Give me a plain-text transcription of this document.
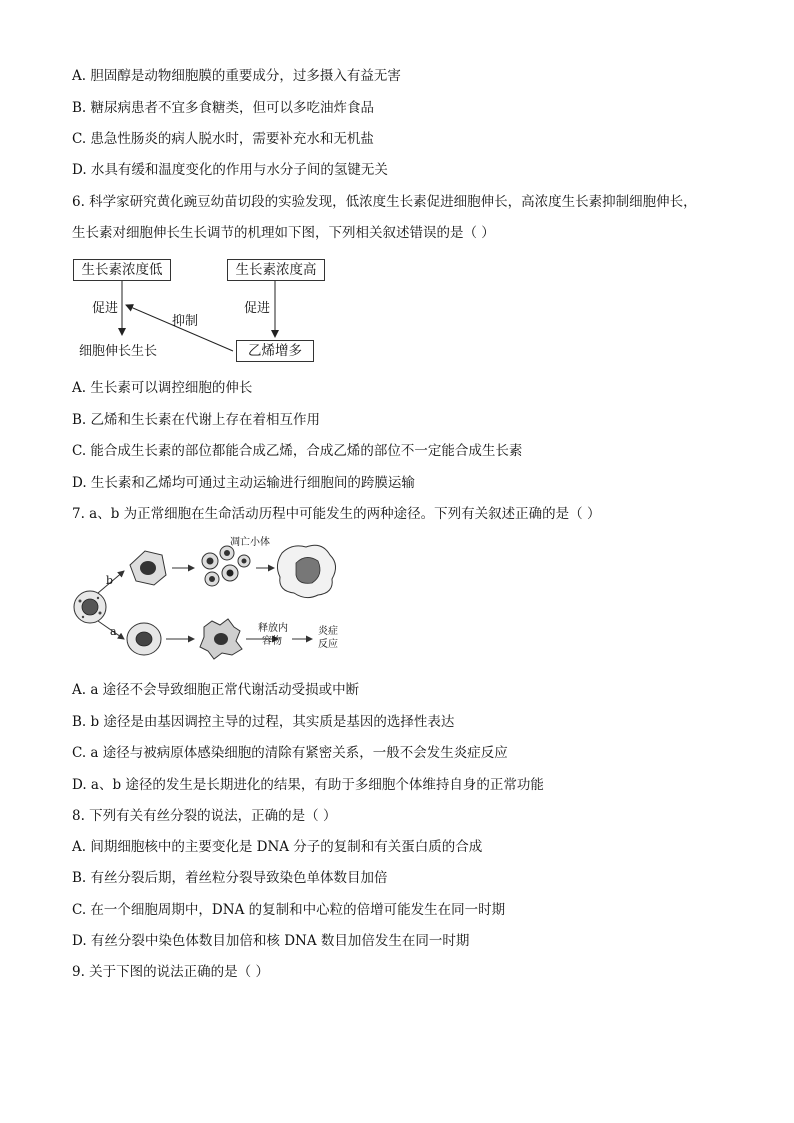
A. 胆固醇是动物细胞膜的重要成分，过多摄入有益无害
B. 糖尿病患者不宜多食糖类，但可以多吃油炸食品
C. 患急性肠炎的病人脱水时，需要补充水和无机盐
D. 水具有缓和温度变化的作用与水分子间的氢键无关
6. 科学家研究黄化豌豆幼苗切段的实验发现，低浓度生长素促进细胞伸长，高浓度生长素抑制细胞伸长，
生长素对细胞伸长生长调节的机理如下图，下列相关叙述错误的是（ ）
生长素浓度低	生长素浓度高
促进	促进
抑制
细胞伸长生长	乙烯增多
A. 生长素可以调控细胞的伸长
B. 乙烯和生长素在代谢上存在着相互作用
C. 能合成生长素的部位都能合成乙烯，合成乙烯的部位不一定能合成生长素
D. 生长素和乙烯均可通过主动运输进行细胞间的跨膜运输
7. a、b 为正常细胞在生命活动历程中可能发生的两种途径。下列有关叙述正确的是（ ）
b
a
凋亡小体
释放内
容物
炎症
反应
A. a 途径不会导致细胞正常代谢活动受损或中断
B. b 途径是由基因调控主导的过程，其实质是基因的选择性表达
C. a 途径与被病原体感染细胞的清除有紧密关系，一般不会发生炎症反应
D. a、b 途径的发生是长期进化的结果，有助于多细胞个体维持自身的正常功能
8. 下列有关有丝分裂的说法，正确的是（ ）
A. 间期细胞核中的主要变化是 DNA 分子的复制和有关蛋白质的合成
B. 有丝分裂后期，着丝粒分裂导致染色单体数目加倍
C. 在一个细胞周期中，DNA 的复制和中心粒的倍增可能发生在同一时期
D. 有丝分裂中染色体数目加倍和核 DNA 数目加倍发生在同一时期
9. 关于下图的说法正确的是（ ）
